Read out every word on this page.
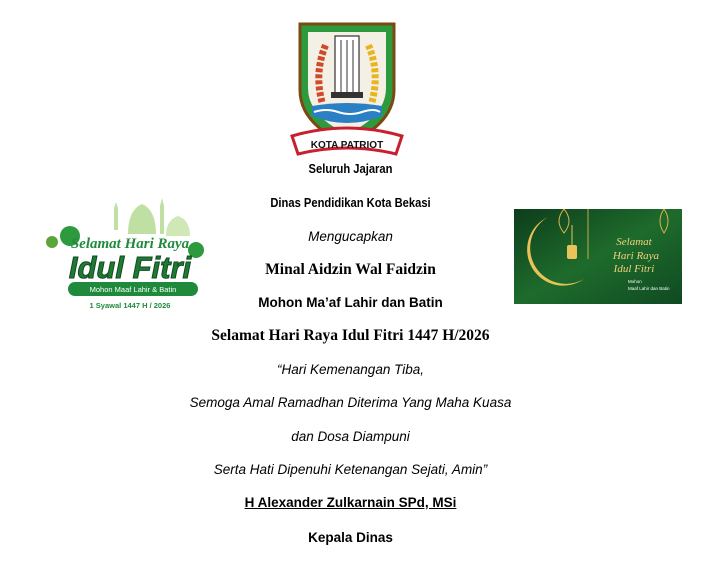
KOTA PATRIOT
Selamat Hari Raya
Idul Fitri
Mohon Maaf Lahir & Batin
1 Syawal 1447 H / 2026
Selamat
Hari Raya
Idul Fitri
Mohon
Maaf Lahir dan Batin
Seluruh Jajaran
Dinas Pendidikan Kota Bekasi
Mengucapkan
Minal Aidzin Wal Faidzin
Mohon Ma’af Lahir dan Batin
Selamat Hari Raya Idul Fitri 1447 H/2026
“Hari Kemenangan Tiba,
Semoga Amal Ramadhan Diterima Yang Maha Kuasa
dan Dosa Diampuni
Serta Hati Dipenuhi Ketenangan Sejati, Amin”
H Alexander Zulkarnain SPd, MSi
Kepala Dinas
